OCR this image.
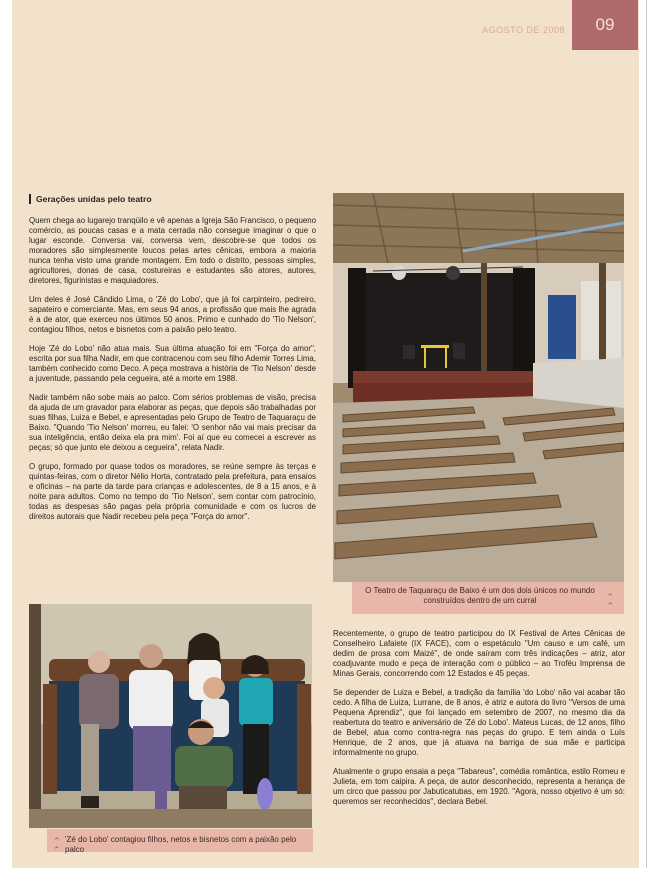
AGOSTO DE 2008	09
Gerações unidas pelo teatro

Quem chega ao lugarejo tranqüilo e vê apenas a Igreja São Francisco, o pequeno comércio, as poucas casas e a mata cerrada não consegue imaginar o que o lugar esconde. Conversa vai, conversa vem, descobre-se que todos os moradores são simplesmente loucos pelas artes cênicas, embora a maioria nunca tenha visto uma grande montagem. Em todo o distrito, pessoas simples, agricultores, donas de casa, costureiras e estudantes são atores, autores, diretores, figurinistas e maquiadores.

Um deles é José Cândido Lima, o 'Zé do Lobo', que já foi carpinteiro, pedreiro, sapateiro e comerciante. Mas, em seus 94 anos, a profissão que mais lhe agrada é a de ator, que exerceu nos últimos 50 anos. Primo e cunhado do 'Tio Nelson', contagiou filhos, netos e bisnetos com a paixão pelo teatro.

Hoje 'Zé do Lobo' não atua mais. Sua última atuação foi em "Força do amor", escrita por sua filha Nadir, em que contracenou com seu filho Ademir Torres Lima, também conhecido como Deco. A peça mostrava a história de 'Tio Nelson' desde a juventude, passando pela cegueira, até a morte em 1988.

Nadir também não sobe mais ao palco. Com sérios problemas de visão, precisa da ajuda de um gravador para elaborar as peças, que depois são trabalhadas por suas filhas, Luiza e Bebel, e apresentadas pelo Grupo de Teatro de Taquaraçu de Baixo. "Quando 'Tio Nelson' morreu, eu falei: 'O senhor não vai mais precisar da sua inteligência, então deixa ela pra mim'. Foi aí que eu comecei a escrever as peças; só que junto ele deixou a cegueira", relata Nadir.

O grupo, formado por quase todos os moradores, se reúne sempre às terças e quintas-feiras, com o diretor Nélio Horta, contratado pela prefeitura, para ensaios e oficinas – na parte da tarde para crianças e adolescentes, de 8 a 15 anos, e à noite para adultos. Como no tempo do 'Tio Nelson', sem contar com patrocínio, todas as despesas são pagas pela própria comunidade e com os lucros de direitos autorais que Nadir recebeu pela peça "Força do amor".

O Teatro de Taquaraçu de Baixo é um dos dois únicos no mundo construídos dentro de um curral	⌃
⌃
⌃
⌃
'Zé do Lobo' contagiou filhos, netos e bisnetos com a paixão pelo palco

Recentemente, o grupo de teatro participou do IX Festival de Artes Cênicas de Conselheiro Lafaiete (IX FACE), com o espetáculo "Um causo e um café, um dedim de prosa com Maizé", de onde saíram com três indicações – atriz, ator coadjuvante mudo e peça de interação com o público – ao Troféu Imprensa de Minas Gerais, concorrendo com 12 Estados e 45 peças.

Se depender de Luiza e Bebel, a tradição da família 'do Lobo' não vai acabar tão cedo. A filha de Luiza, Lurrane, de 8 anos, é atriz e autora do livro "Versos de uma Pequena Aprendiz", que foi lançado em setembro de 2007, no mesmo dia da reabertura do teatro e aniversário de 'Zé do Lobo'. Mateus Lucas, de 12 anos, filho de Bebel, atua como contra-regra nas peças do grupo. E tem ainda o Luís Henrique, de 2 anos, que já atuava na barriga de sua mãe e participa informalmente no grupo.

Atualmente o grupo ensaia a peça "Tabareus", comédia romântica, estilo Romeu e Julieta, em tom caipira. A peça, de autor desconhecido, representa a herança de um circo que passou por Jabuticatubas, em 1920. "Agora, nosso objetivo é um só: queremos ser reconhecidos", declara Bebel.
